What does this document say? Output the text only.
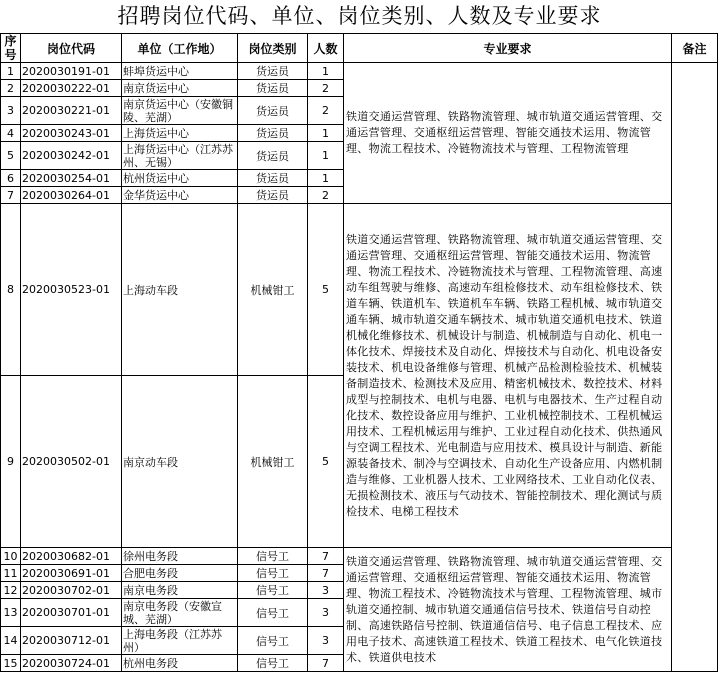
招聘岗位代码、单位、岗位类别、人数及专业要求
序号	岗位代码	单位（工作地）	岗位类别	人数	专业要求	备注
1	2020030191-01	蚌埠货运中心	货运员	1	铁道交通运营管理、铁路物流管理、城市轨道交通运营管理、交通运营管理、交通枢纽运营管理、智能交通技术运用、物流管理、物流工程技术、冷链物流技术与管理、工程物流管理	
2	2020030222-01	南京货运中心	货运员	2		
3	2020030221-01	南京货运中心（安徽铜陵、芜湖）	货运员	2		
4	2020030243-01	上海货运中心	货运员	1		
5	2020030242-01	上海货运中心（江苏苏州、无锡）	货运员	1		
6	2020030254-01	杭州货运中心	货运员	1		
7	2020030264-01	金华货运中心	货运员	2		
8	2020030523-01	上海动车段	机械钳工	5	铁道交通运营管理、铁路物流管理、城市轨道交通运营管理、交通运营管理、交通枢纽运营管理、智能交通技术运用、物流管理、物流工程技术、冷链物流技术与管理、工程物流管理、高速动车组驾驶与维修、高速动车组检修技术、动车组检修技术、铁道车辆、铁道机车、铁道机车车辆、铁路工程机械、城市轨道交通车辆、城市轨道交通车辆技术、城市轨道交通机电技术、铁道机械化维修技术、机械设计与制造、机械制造与自动化、机电一体化技术、焊接技术及自动化、焊接技术与自动化、机电设备安装技术、机电设备维修与管理、机械产品检测检验技术、机械装备制造技术、检测技术及应用、精密机械技术、数控技术、材料成型与控制技术、电机与电器、电机与电器技术、生产过程自动化技术、数控设备应用与维护、工业机械控制技术、工程机械运用技术、工程机械运用与维护、工业过程自动化技术、供热通风与空调工程技术、光电制造与应用技术、模具设计与制造、新能源装备技术、制冷与空调技术、自动化生产设备应用、内燃机制造与维修、工业机器人技术、工业网络技术、工业自动化仪表、无损检测技术、液压与气动技术、智能控制技术、理化测试与质检技术、电梯工程技术	
9	2020030502-01	南京动车段	机械钳工	5		
10	2020030682-01	徐州电务段	信号工	7	铁道交通运营管理、铁路物流管理、城市轨道交通运营管理、交通运营管理、交通枢纽运营管理、智能交通技术运用、物流管理、物流工程技术、冷链物流技术与管理、工程物流管理、城市轨道交通控制、城市轨道交通通信信号技术、铁道信号自动控制、高速铁路信号控制、铁道通信信号、电子信息工程技术、应用电子技术、高速铁道工程技术、铁道工程技术、电气化铁道技术、铁道供电技术	
11	2020030691-01	合肥电务段	信号工	7		
12	2020030702-01	南京电务段	信号工	3		
13	2020030701-01	南京电务段（安徽宣城、芜湖）	信号工	3		
14	2020030712-01	上海电务段（江苏苏州）	信号工	3		
15	2020030724-01	杭州电务段	信号工	7		
